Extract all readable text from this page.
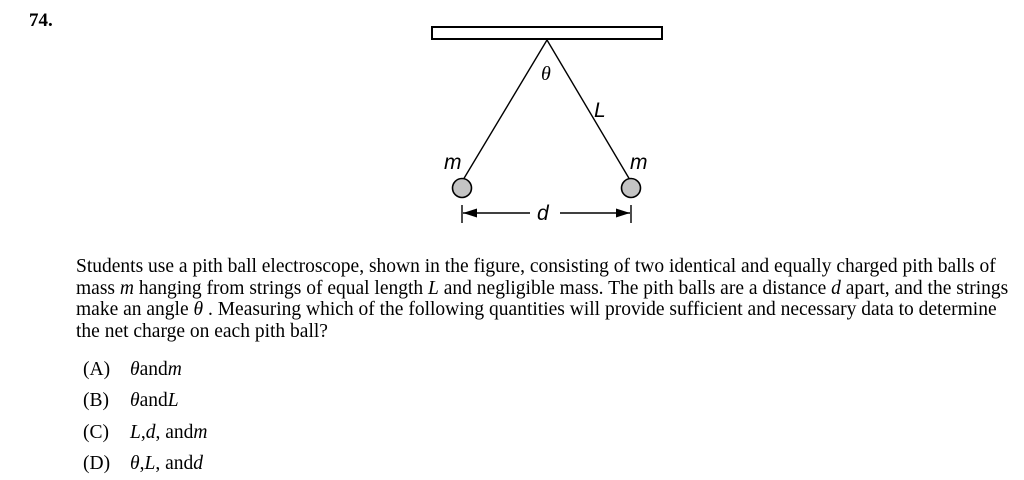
74.
θ
L
m	m
d

Students use a pith ball electroscope, shown in the figure, consisting of two identical and equally charged pith balls of mass m hanging from strings of equal length L and negligible mass. The pith balls are a distance d apart, and the strings make an angle θ . Measuring which of the following quantities will provide sufficient and necessary data to determine the net charge on each pith ball?

(A)	θ and m
(B)	θ and L
(C)	L , d , and m
(D)	θ , L , and d
